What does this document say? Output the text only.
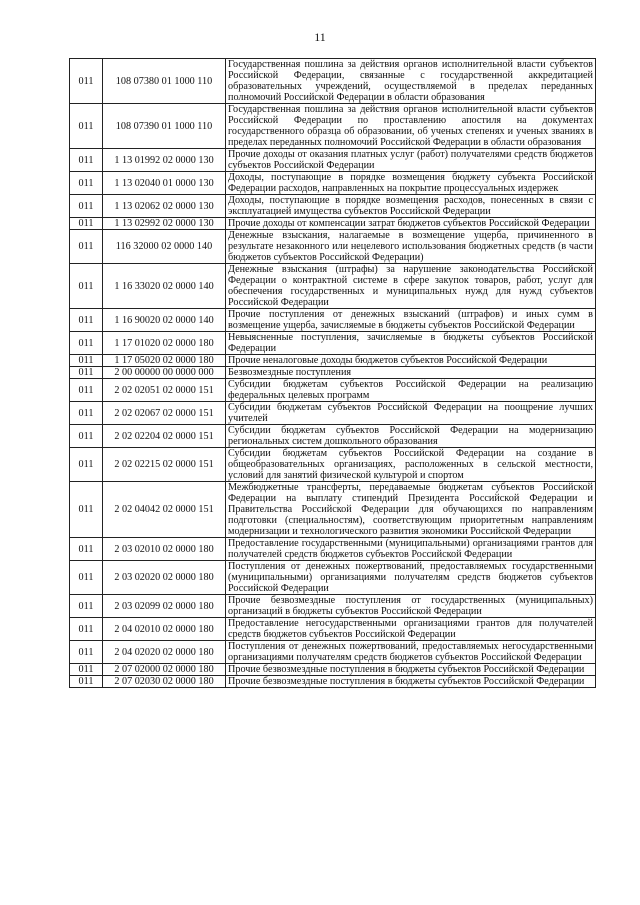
11
011	108 07380 01 1000 110	Государственная пошлина за действия органов исполнительной власти субъектов Российской Федерации, связанные с государственной аккредитацией образовательных учреждений, осуществляемой в пределах переданных полномочий Российской Федерации в области образования
011	108 07390 01 1000 110	Государственная пошлина за действия органов исполнительной власти субъектов Российской Федерации по проставлению апостиля на документах государственного образца об образовании, об ученых степенях и ученых званиях в пределах переданных полномочий Российской Федерации в области образования
011	1 13 01992 02 0000 130	Прочие доходы от оказания платных услуг (работ) получателями средств бюджетов субъектов Российской Федерации
011	1 13 02040 01 0000 130	Доходы, поступающие в порядке возмещения бюджету субъекта Российской Федерации расходов, направленных на покрытие процессуальных издержек
011	1 13 02062 02 0000 130	Доходы, поступающие в порядке возмещения расходов, понесенных в связи с эксплуатацией имущества субъектов Российской Федерации
011	1 13 02992 02 0000 130	Прочие доходы от компенсации затрат бюджетов субъектов Российской Федерации
011	116 32000 02 0000 140	Денежные взыскания, налагаемые в возмещение ущерба, причиненного в результате незаконного или нецелевого использования бюджетных средств (в части бюджетов субъектов Российской Федерации)
011	1 16 33020 02 0000 140	Денежные взыскания (штрафы) за нарушение законодательства Российской Федерации о контрактной системе в сфере закупок товаров, работ, услуг для обеспечения государственных и муниципальных нужд для нужд субъектов Российской Федерации
011	1 16 90020 02 0000 140	Прочие поступления от денежных взысканий (штрафов) и иных сумм в возмещение ущерба, зачисляемые в бюджеты субъектов Российской Федерации
011	1 17 01020 02 0000 180	Невыясненные поступления, зачисляемые в бюджеты субъектов Российской Федерации
011	1 17 05020 02 0000 180	Прочие неналоговые доходы бюджетов субъектов Российской Федерации
011	2 00 00000 00 0000 000	Безвозмездные поступления
011	2 02 02051 02 0000 151	Субсидии бюджетам субъектов Российской Федерации на реализацию федеральных целевых программ
011	2 02 02067 02 0000 151	Субсидии бюджетам субъектов Российской Федерации на поощрение лучших учителей
011	2 02 02204 02 0000 151	Субсидии бюджетам субъектов Российской Федерации на модернизацию региональных систем дошкольного образования
011	2 02 02215 02 0000 151	Субсидии бюджетам субъектов Российской Федерации на создание в общеобразовательных организациях, расположенных в сельской местности, условий для занятий физической культурой и спортом
011	2 02 04042 02 0000 151	Межбюджетные трансферты, передаваемые бюджетам субъектов Российской Федерации на выплату стипендий Президента Российской Федерации и Правительства Российской Федерации для обучающихся по направлениям подготовки (специальностям), соответствующим приоритетным направлениям модернизации и технологического развития экономики Российской Федерации
011	2 03 02010 02 0000 180	Предоставление государственными (муниципальными) организациями грантов для получателей средств бюджетов субъектов Российской Федерации
011	2 03 02020 02 0000 180	Поступления от денежных пожертвований, предоставляемых государственными (муниципальными) организациями получателям средств бюджетов субъектов Российской Федерации
011	2 03 02099 02 0000 180	Прочие безвозмездные поступления от государственных (муниципальных) организаций в бюджеты субъектов Российской Федерации
011	2 04 02010 02 0000 180	Предоставление негосударственными организациями грантов для получателей средств бюджетов субъектов Российской Федерации
011	2 04 02020 02 0000 180	Поступления от денежных пожертвований, предоставляемых негосударственными организациями получателям средств бюджетов субъектов Российской Федерации
011	2 07 02000 02 0000 180	Прочие безвозмездные поступления в бюджеты субъектов Российской Федерации
011	2 07 02030 02 0000 180	Прочие безвозмездные поступления в бюджеты субъектов Российской Федерации
